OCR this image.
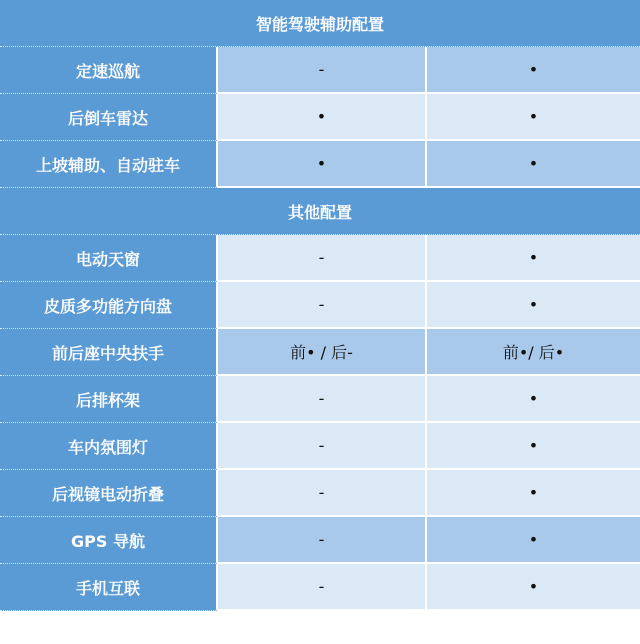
智能驾驶辅助配置		
定速巡航	-	•
后倒车雷达	•	•
上坡辅助、自动驻车	•	•
其他配置		
电动天窗	-	•
皮质多功能方向盘	-	•
前后座中央扶手	前• / 后-	前•/ 后•
后排杯架	-	•
车内氛围灯	-	•
后视镜电动折叠	-	•
GPS 导航	-	•
手机互联	-	•
